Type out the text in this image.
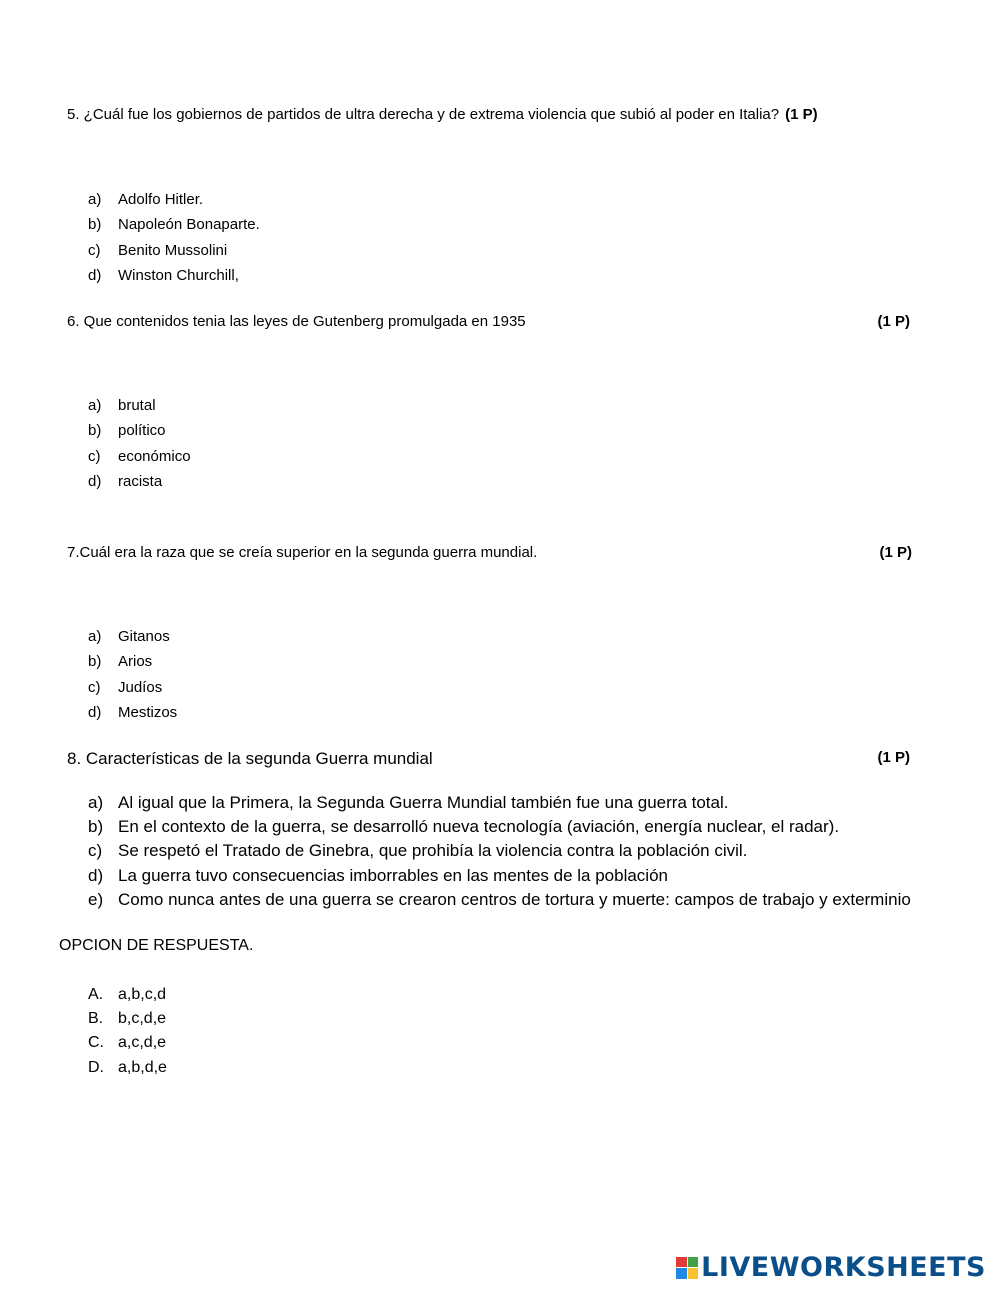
5. ¿Cuál fue los gobiernos de partidos de ultra derecha y de extrema violencia que subió al poder en Italia? (1 P)
a) Adolfo Hitler.
b) Napoleón Bonaparte.
c) Benito Mussolini
d) Winston Churchill,
6. Que contenidos tenia las leyes de Gutenberg promulgada en 1935	(1 P)
a) brutal
b) político
c) económico
d) racista
7.Cuál era la raza que se creía superior en la segunda guerra mundial.	(1 P)
a) Gitanos
b) Arios
c) Judíos
d) Mestizos
8. Características de la segunda Guerra mundial	(1 P)
a) Al igual que la Primera, la Segunda Guerra Mundial también fue una guerra total.
b) En el contexto de la guerra, se desarrolló nueva tecnología (aviación, energía nuclear, el radar).
c) Se respetó el Tratado de Ginebra, que prohibía la violencia contra la población civil.
d) La guerra tuvo consecuencias imborrables en las mentes de la población
e) Como nunca antes de una guerra se crearon centros de tortura y muerte: campos de trabajo y exterminio
OPCION DE RESPUESTA.
A. a,b,c,d
B. b,c,d,e
C. a,c,d,e
D. a,b,d,e
LIVEWORKSHEETS
